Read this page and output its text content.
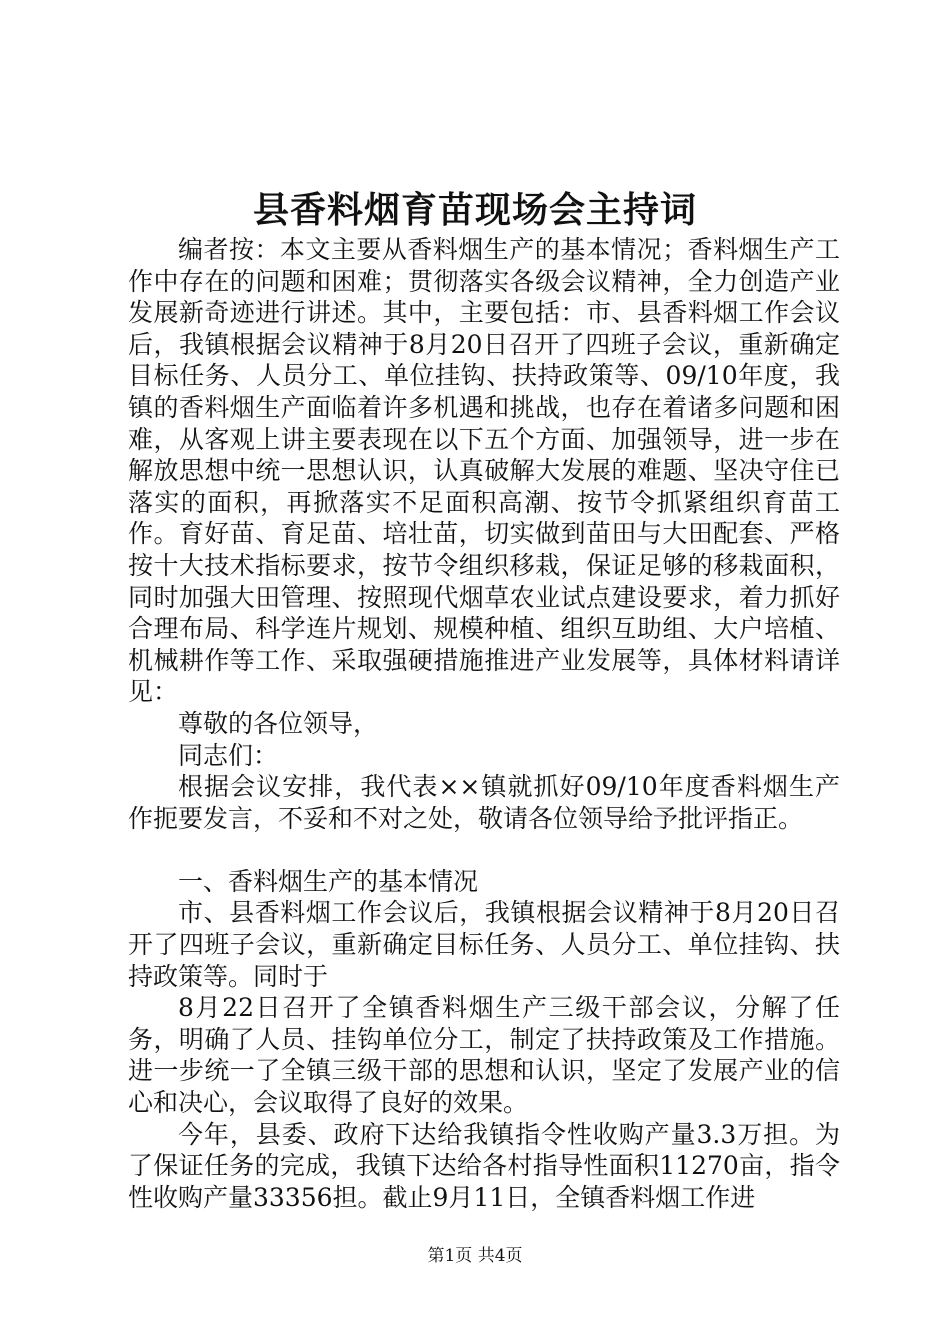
县香料烟育苗现场会主持词

编者按：本文主要从香料烟生产的基本情况；香料烟生产工作中存在的问题和困难；贯彻落实各级会议精神，全力创造产业发展新奇迹进行讲述。其中，主要包括：市、县香料烟工作会议后，我镇根据会议精神于8月20日召开了四班子会议，重新确定目标任务、人员分工、单位挂钩、扶持政策等、09/10年度，我镇的香料烟生产面临着许多机遇和挑战，也存在着诸多问题和困难，从客观上讲主要表现在以下五个方面、加强领导，进一步在解放思想中统一思想认识，认真破解大发展的难题、坚决守住已落实的面积，再掀落实不足面积高潮、按节令抓紧组织育苗工作。育好苗、育足苗、培壮苗，切实做到苗田与大田配套、严格按十大技术指标要求，按节令组织移栽，保证足够的移栽面积，同时加强大田管理、按照现代烟草农业试点建设要求，着力抓好合理布局、科学连片规划、规模种植、组织互助组、大户培植、机械耕作等工作、采取强硬措施推进产业发展等，具体材料请详见：

尊敬的各位领导，

同志们：

根据会议安排，我代表××镇就抓好09/10年度香料烟生产作扼要发言，不妥和不对之处，敬请各位领导给予批评指正。

一、香料烟生产的基本情况

市、县香料烟工作会议后，我镇根据会议精神于8月20日召开了四班子会议，重新确定目标任务、人员分工、单位挂钩、扶持政策等。同时于

8月22日召开了全镇香料烟生产三级干部会议，分解了任务，明确了人员、挂钩单位分工，制定了扶持政策及工作措施。进一步统一了全镇三级干部的思想和认识，坚定了发展产业的信心和决心，会议取得了良好的效果。

今年，县委、政府下达给我镇指令性收购产量3.3万担。为了保证任务的完成，我镇下达给各村指导性面积11270亩，指令性收购产量33356担。截止9月11日，全镇香料烟工作进

第1页 共4页
